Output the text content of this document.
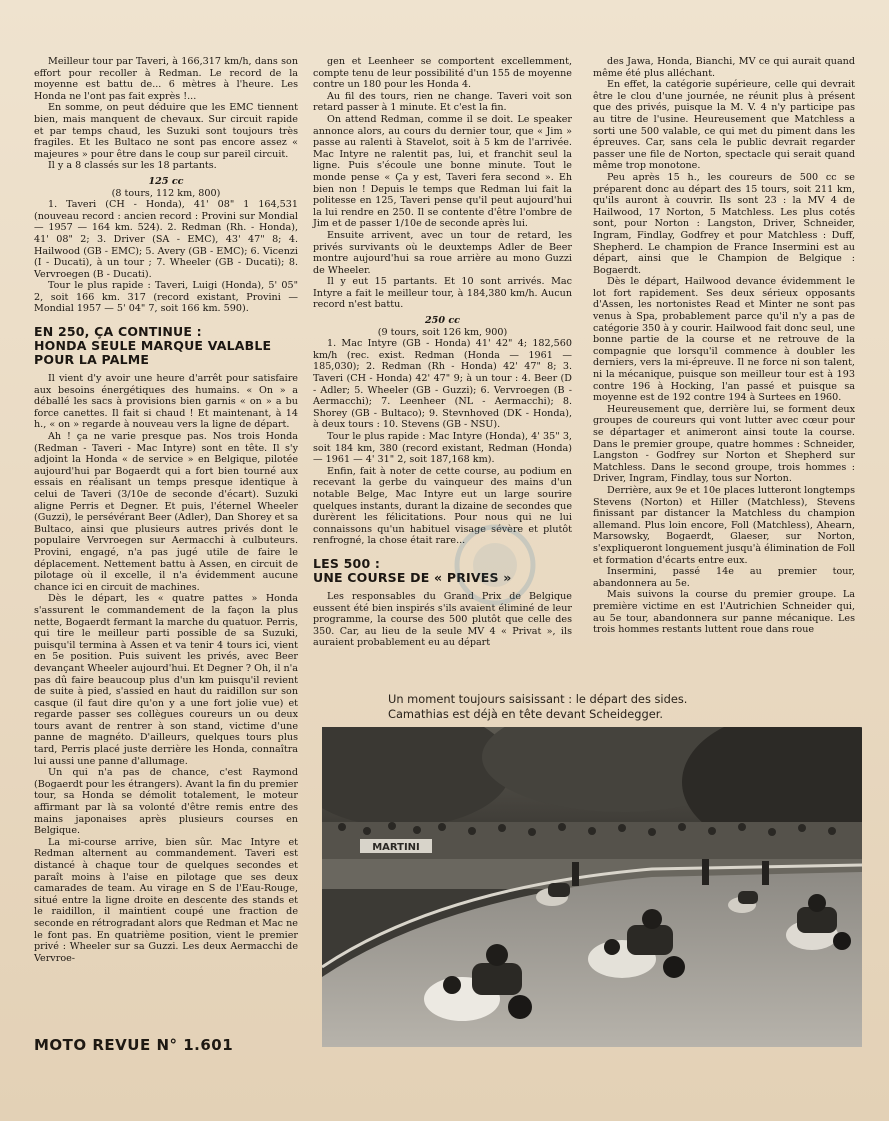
Meilleur tour par Taveri, à 166,317 km/h, dans son effort pour recoller à Redman. Le record de la moyenne est battu de... 6 mètres à l'heure. Les Honda ne l'ont pas fait exprès !...

En somme, on peut déduire que les EMC tiennent bien, mais manquent de chevaux. Sur circuit rapide et par temps chaud, les Suzuki sont toujours très fragiles. Et les Bultaco ne sont pas encore assez « majeures » pour être dans le coup sur pareil circuit.

Il y a 8 classés sur les 18 partants.

125 cc

(8 tours, 112 km, 800)

1. Taveri (CH - Honda), 41' 08" 1 164,531 (nouveau record : ancien record : Provini sur Mondial — 1957 — 164 km. 524). 2. Redman (Rh. - Honda), 41' 08" 2; 3. Driver (SA - EMC), 43' 47" 8; 4. Hailwood (GB - EMC); 5. Avery (GB - EMC); 6. Vicenzi (I - Ducati), à un tour ; 7. Wheeler (GB - Ducati); 8. Vervroegen (B - Ducati).

Tour le plus rapide : Taveri, Luigi (Honda), 5' 05" 2, soit 166 km. 317 (record existant, Provini — Mondial 1957 — 5' 04" 7, soit 166 km. 590).

EN 250, ÇA CONTINUE :
HONDA SEULE MARQUE VALABLE
POUR LA PALME

Il vient d'y avoir une heure d'arrêt pour satisfaire aux besoins énergétiques des humains. « On » a déballé les sacs à provisions bien garnis « on » a bu force canettes. Il fait si chaud ! Et maintenant, à 14 h., « on » regarde à nouveau vers la ligne de départ.

Ah ! ça ne varie presque pas. Nos trois Honda (Redman - Taveri - Mac Intyre) sont en tête. Il s'y adjoint la Honda « de service » en Belgique, pilotée aujourd'hui par Bogaerdt qui a fort bien tourné aux essais en réalisant un temps presque identique à celui de Taveri (3/10e de seconde d'écart). Suzuki aligne Perris et Degner. Et puis, l'éternel Wheeler (Guzzi), le persévérant Beer (Adler), Dan Shorey et sa Bultaco, ainsi que plusieurs autres privés dont le populaire Vervroegen sur Aermacchi à culbuteurs. Provini, engagé, n'a pas jugé utile de faire le déplacement. Nettement battu à Assen, en circuit de pilotage où il excelle, il n'a évidemment aucune chance ici en circuit de machines.

Dès le départ, les « quatre pattes » Honda s'assurent le commandement de la façon la plus nette, Bogaerdt fermant la marche du quatuor. Perris, qui tire le meilleur parti possible de sa Suzuki, puisqu'il termina à Assen et va tenir 4 tours ici, vient en 5e position. Puis suivent les privés, avec Beer devançant Wheeler aujourd'hui. Et Degner ? Oh, il n'a pas dû faire beaucoup plus d'un km puisqu'il revient de suite à pied, s'assied en haut du raidillon sur son casque (il faut dire qu'on y a une fort jolie vue) et regarde passer ses collègues coureurs un ou deux tours avant de rentrer à son stand, victime d'une panne de magnéto. D'ailleurs, quelques tours plus tard, Perris placé juste derrière les Honda, connaîtra lui aussi une panne d'allumage.

Un qui n'a pas de chance, c'est Raymond (Bogaerdt pour les étrangers). Avant la fin du premier tour, sa Honda se démolit totalement, le moteur affirmant par là sa volonté d'être remis entre des mains japonaises après plusieurs courses en Belgique.

La mi-course arrive, bien sûr. Mac Intyre et Redman alternent au commandement. Taveri est distancé à chaque tour de quelques secondes et paraît moins à l'aise en pilotage que ses deux camarades de team. Au virage en S de l'Eau-Rouge, situé entre la ligne droite en descente des stands et le raidillon, il maintient coupé une fraction de seconde en rétrogradant alors que Redman et Mac ne le font pas. En quatrième position, vient le premier privé : Wheeler sur sa Guzzi. Les deux Aermacchi de Vervroe-

gen et Leenheer se comportent excellemment, compte tenu de leur possibilité d'un 155 de moyenne contre un 180 pour les Honda 4.

Au fil des tours, rien ne change. Taveri voit son retard passer à 1 minute. Et c'est la fin.

On attend Redman, comme il se doit. Le speaker annonce alors, au cours du dernier tour, que « Jim » passe au ralenti à Stavelot, soit à 5 km de l'arrivée. Mac Intyre ne ralentit pas, lui, et franchit seul la ligne. Puis s'écoule une bonne minute. Tout le monde pense « Ça y est, Taveri fera second ». Eh bien non ! Depuis le temps que Redman lui fait la politesse en 125, Taveri pense qu'il peut aujourd'hui la lui rendre en 250. Il se contente d'être l'ombre de Jim et de passer 1/10e de seconde après lui.

Ensuite arrivent, avec un tour de retard, les privés survivants où le deuxtemps Adler de Beer montre aujourd'hui sa roue arrière au mono Guzzi de Wheeler.

Il y eut 15 partants. Et 10 sont arrivés. Mac Intyre a fait le meilleur tour, à 184,380 km/h. Aucun record n'est battu.

250 cc

(9 tours, soit 126 km, 900)

1. Mac Intyre (GB - Honda) 41' 42" 4; 182,560 km/h (rec. exist. Redman (Honda — 1961 — 185,030); 2. Redman (Rh - Honda) 42' 47" 8; 3. Taveri (CH - Honda) 42' 47" 9; à un tour : 4. Beer (D - Adler; 5. Wheeler (GB - Guzzi); 6. Vervroegen (B - Aermacchi); 7. Leenheer (NL - Aermacchi); 8. Shorey (GB - Bultaco); 9. Stevnhoved (DK - Honda), à deux tours : 10. Stevens (GB - NSU).

Tour le plus rapide : Mac Intyre (Honda), 4' 35" 3, soit 184 km, 380 (record existant, Redman (Honda) — 1961 — 4' 31" 2, soit 187,168 km).

Enfin, fait à noter de cette course, au podium en recevant la gerbe du vainqueur des mains d'un notable Belge, Mac Intyre eut un large sourire quelques instants, durant la dizaine de secondes que durèrent les félicitations. Pour nous qui ne lui connaissons qu'un habituel visage sévère et plutôt renfrogné, la chose était rare...

LES 500 :
UNE COURSE DE « PRIVES »

Les responsables du Grand Prix de Belgique eussent été bien inspirés s'ils avaient éliminé de leur programme, la course des 500 plutôt que celle des 350. Car, au lieu de la seule MV 4 « Privat », ils auraient probablement eu au départ

des Jawa, Honda, Bianchi, MV ce qui aurait quand même été plus alléchant.

En effet, la catégorie supérieure, celle qui devrait être le clou d'une journée, ne réunit plus à présent que des privés, puisque la M. V. 4 n'y participe pas au titre de l'usine. Heureusement que Matchless a sorti une 500 valable, ce qui met du piment dans les épreuves. Car, sans cela le public devrait regarder passer une file de Norton, spectacle qui serait quand même trop monotone.

Peu après 15 h., les coureurs de 500 cc se préparent donc au départ des 15 tours, soit 211 km, qu'ils auront à couvrir. Ils sont 23 : la MV 4 de Hailwood, 17 Norton, 5 Matchless. Les plus cotés sont, pour Norton : Langston, Driver, Schneider, Ingram, Findlay, Godfrey et pour Matchless : Duff, Shepherd. Le champion de France Insermini est au départ, ainsi que le Champion de Belgique : Bogaerdt.

Dès le départ, Hailwood devance évidemment le lot fort rapidement. Ses deux sérieux opposants d'Assen, les nortonistes Read et Minter ne sont pas venus à Spa, probablement parce qu'il n'y a pas de catégorie 350 à y courir. Hailwood fait donc seul, une bonne partie de la course et ne retrouve de la compagnie que lorsqu'il commence à doubler les derniers, vers la mi-épreuve. Il ne force ni son talent, ni la mécanique, puisque son meilleur tour est à 193 contre 196 à Hocking, l'an passé et puisque sa moyenne est de 192 contre 194 à Surtees en 1960.

Heureusement que, derrière lui, se forment deux groupes de coureurs qui vont lutter avec cœur pour se départager et animeront ainsi toute la course. Dans le premier groupe, quatre hommes : Schneider, Langston - Godfrey sur Norton et Shepherd sur Matchless. Dans le second groupe, trois hommes : Driver, Ingram, Findlay, tous sur Norton.

Derrière, aux 9e et 10e places lutteront longtemps Stevens (Norton) et Hiller (Matchless), Stevens finissant par distancer la Matchless du champion allemand. Plus loin encore, Foll (Matchless), Ahearn, Marsowsky, Bogaerdt, Glaeser, sur Norton, s'expliqueront longuement jusqu'à élimination de Foll et formation d'écarts entre eux.

Insermini, passé 14e au premier tour, abandonnera au 5e.

Mais suivons la course du premier groupe. La première victime en est l'Autrichien Schneider qui, au 5e tour, abandonnera sur panne mécanique. Les trois hommes restants luttent roue dans roue

Un moment toujours saisissant : le départ des sides.

Camathias est déjà en tête devant Scheidegger.

MARTINI
MOTO REVUE N° 1.601
